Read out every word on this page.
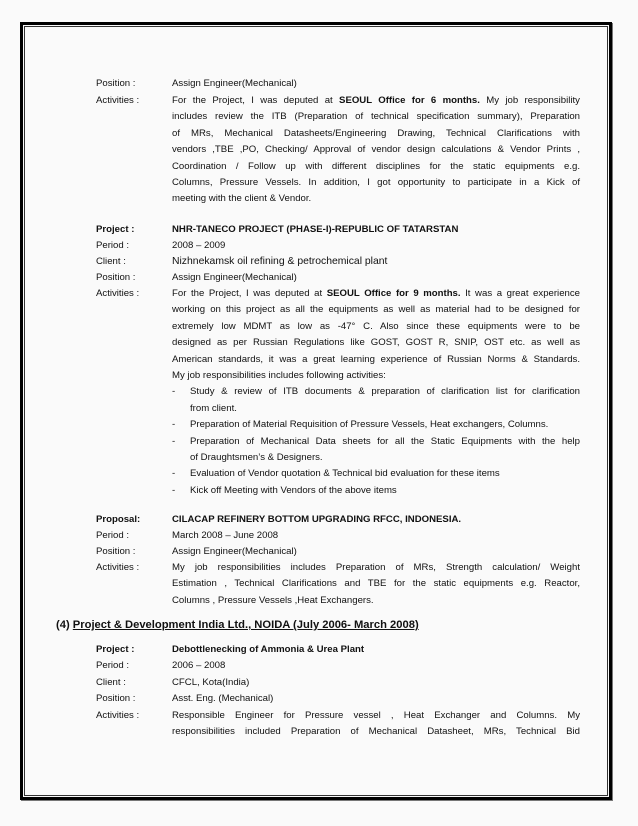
Position :	Assign Engineer(Mechanical)
Activities :	For the Project, I was deputed at SEOUL Office for 6 months. My job responsibility
includes review the ITB (Preparation of technical specification summary), Preparation
of MRs, Mechanical Datasheets/Engineering Drawing, Technical Clarifications with
vendors ,TBE ,PO, Checking/ Approval of vendor design calculations & Vendor Prints ,
Coordination / Follow up with different disciplines for the static equipments e.g.
Columns, Pressure Vessels. In addition, I got opportunity to participate in a Kick of
meeting with the client & Vendor.
Project :	NHR-TANECO PROJECT (PHASE-I)-REPUBLIC OF TATARSTAN
Period :	2008 – 2009
Client :	Nizhnekamsk oil refining & petrochemical plant
Position :	Assign Engineer(Mechanical)
Activities :	For the Project, I was deputed at SEOUL Office for 9 months. It was a great experience
working on this project as all the equipments as well as material had to be designed for
extremely low MDMT as low as -47° C. Also since these equipments were to be
designed as per Russian Regulations like GOST, GOST R, SNIP, OST etc. as well as
American standards, it was a great learning experience of Russian Norms & Standards.
My job responsibilities includes following activities:
- Study & review of ITB documents & preparation of clarification list for clarification
from client.
- Preparation of Material Requisition of Pressure Vessels, Heat exchangers, Columns.
- Preparation of Mechanical Data sheets for all the Static Equipments with the help
of Draughtsmen’s & Designers.
- Evaluation of Vendor quotation & Technical bid evaluation for these items
- Kick off Meeting with Vendors of the above items
Proposal:	CILACAP REFINERY BOTTOM UPGRADING RFCC, INDONESIA.
Period :	March 2008 – June 2008
Position :	Assign Engineer(Mechanical)
Activities :	My job responsibilities includes Preparation of MRs, Strength calculation/ Weight
Estimation , Technical Clarifications and TBE for the static equipments e.g. Reactor,
Columns , Pressure Vessels ,Heat Exchangers.
(4) Project & Development India Ltd., NOIDA (July 2006- March 2008)
Project :	Debottlenecking of Ammonia & Urea Plant
Period :	2006 – 2008
Client :	CFCL, Kota(India)
Position :	Asst. Eng. (Mechanical)
Activities :	Responsible Engineer for Pressure vessel , Heat Exchanger and Columns. My
responsibilities included Preparation of Mechanical Datasheet, MRs, Technical Bid
